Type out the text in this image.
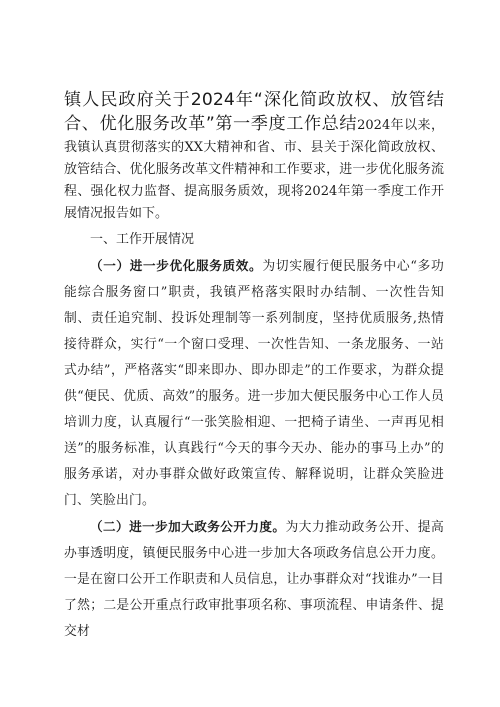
镇人民政府关于2024年“深化简政放权、放管结合、优化服务改革”第一季度工作总结2024年以来，我镇认真贯彻落实的XX大精神和省、市、县关于深化简政放权、放管结合、优化服务改革文件精神和工作要求，进一步优化服务流程、强化权力监督、提高服务质效，现将2024年第一季度工作开展情况报告如下。

一、工作开展情况

（一）进一步优化服务质效。为切实履行便民服务中心“多功能综合服务窗口”职责，我镇严格落实限时办结制、一次性告知制、责任追究制、投诉处理制等一系列制度，坚持优质服务,热情接待群众，实行“一个窗口受理、一次性告知、一条龙服务、一站式办结”，严格落实“即来即办、即办即走”的工作要求，为群众提供“便民、优质、高效”的服务。进一步加大便民服务中心工作人员培训力度，认真履行“一张笑脸相迎、一把椅子请坐、一声再见相送”的服务标准，认真践行“今天的事今天办、能办的事马上办”的服务承诺，对办事群众做好政策宣传、解释说明，让群众笑脸进门、笑脸出门。

（二）进一步加大政务公开力度。为大力推动政务公开、提高办事透明度，镇便民服务中心进一步加大各项政务信息公开力度。一是在窗口公开工作职责和人员信息，让办事群众对“找谁办”一目了然；二是公开重点行政审批事项名称、事项流程、申请条件、提交材
